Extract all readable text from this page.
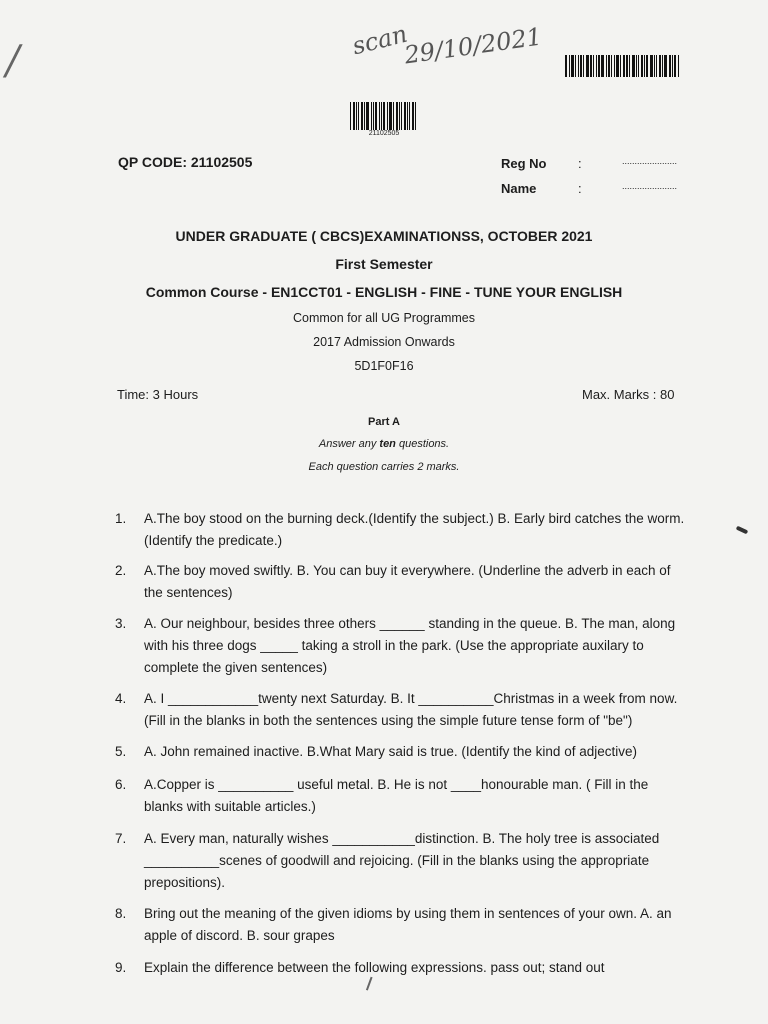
/	scan
29/10/2021
21102505
QP CODE: 21102505	Reg No :	......................
Name	:	......................
UNDER GRADUATE ( CBCS)EXAMINATIONSS, OCTOBER 2021
First Semester
Common Course - EN1CCT01 - ENGLISH - FINE - TUNE YOUR ENGLISH
Common for all UG Programmes
2017 Admission Onwards
5D1F0F16
Time: 3 Hours	Max. Marks : 80
Part A
Answer any ten questions.
Each question carries 2 marks.
1.	A.The boy stood on the burning deck.(Identify the subject.) B. Early bird catches the worm.(Identify the predicate.)
2.	A.The boy moved swiftly. B. You can buy it everywhere. (Underline the adverb in each of the sentences)
3.	A. Our neighbour, besides three others ______ standing in the queue. B. The man, along with his three dogs _____ taking a stroll in the park. (Use the appropriate auxilary to complete the given sentences)
4.	A. I ____________twenty next Saturday. B. It __________Christmas in a week from now. (Fill in the blanks in both the sentences using the simple future tense form of "be")
5.	A. John remained inactive. B.What Mary said is true. (Identify the kind of adjective)
6.	A.Copper is __________ useful metal. B. He is not ____honourable man. ( Fill in the blanks with suitable articles.)
7.	A. Every man, naturally wishes ___________distinction. B. The holy tree is associated __________scenes of goodwill and rejoicing. (Fill in the blanks using the appropriate prepositions).
8.	Bring out the meaning of the given idioms by using them in sentences of your own. A. an apple of discord. B. sour grapes
9.	Explain the difference between the following expressions. pass out; stand out
